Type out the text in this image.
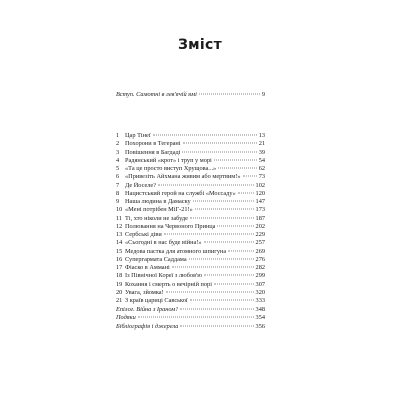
Зміст
Вступ. Самотні в лев'ячій ямі	9
1 Цар Тінеї	13
2 Похорони в Тегерані	21
3 Повішення в Багдаді	39
4 Радянський «крот» і труп у морі	54
5 «Та це просто виступ Хрущова...»	62
6 «Привезіть Айхмана живим або мертвим!»	73
7 Де Йоселе?	102
8 Нацистський герой на службі «Моссаду»	120
9 Наша людина в Дамаску	147
10 «Мені потрібен МіГ-21!»	173
11 Ті, хто ніколи не забуде	187
12 Полювання на Червоного Принца	202
13 Сербські діви	229
14 «Сьогодні в нас буде війна!»	257
15 Медова пастка для атомного шпигуна	269
16 Супергармата Саддама	276
17 Фіаско в Аммані	282
18 Із Північної Кореї з любов'ю	299
19 Кохання і смерть о вечірній порі	307
20 Увага, зйомка!	320
21 З країв цариці Савської	333
Епілог. Війна з Іраном?	348
Подяки	354
Бібліографія і джерела	356
